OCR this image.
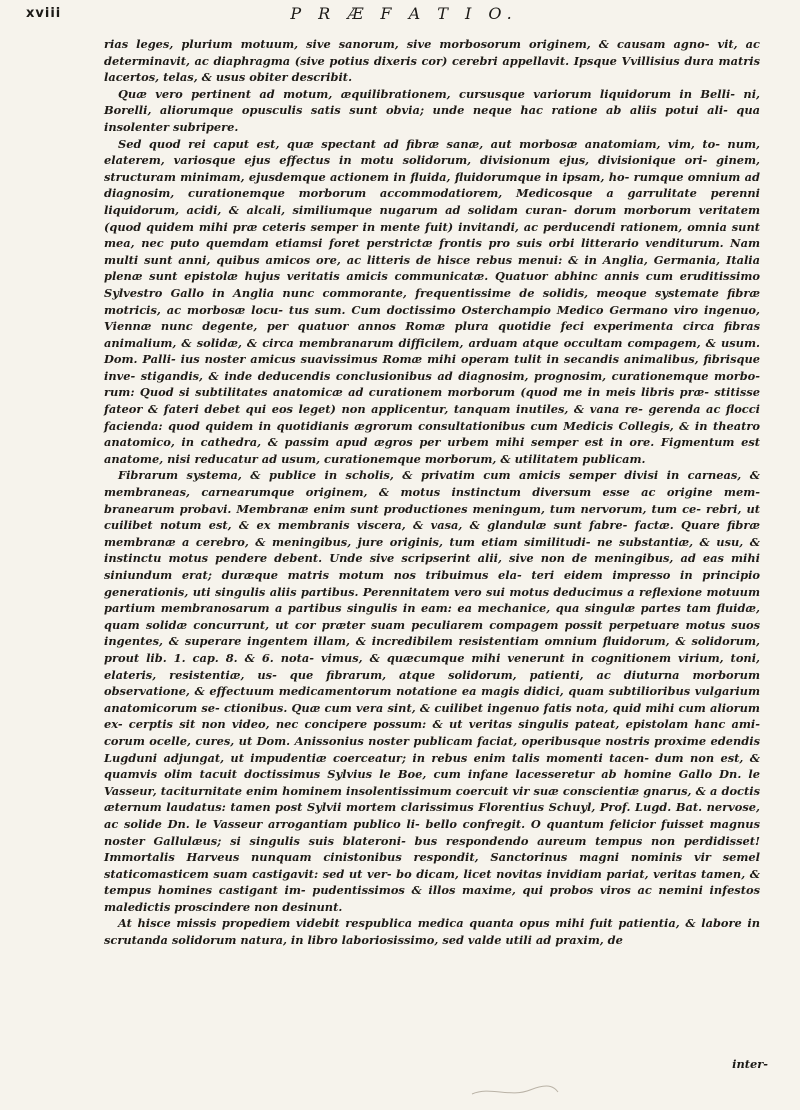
xviii	P R Æ F A T I O.

rias leges, plurium motuum, sive sanorum, sive morbosorum originem, & causam agno- vit, ac determinavit, ac diaphragma (sive potius dixeris cor) cerebri appellavit. Ipsque Vvillisius dura matris lacertos, telas, & usus obiter describit.

Quæ vero pertinent ad motum, æquilibrationem, cursusque variorum liquidorum in Belli- ni, Borelli, aliorumque opusculis satis sunt obvia; unde neque hac ratione ab aliis potui ali- qua insolenter subripere.

Sed quod rei caput est, quæ spectant ad fibræ sanæ, aut morbosæ anatomiam, vim, to- num, elaterem, variosque ejus effectus in motu solidorum, divisionum ejus, divisionique ori- ginem, structuram minimam, ejusdemque actionem in fluida, fluidorumque in ipsam, ho- rumque omnium ad diagnosim, curationemque morborum accommodatiorem, Medicosque a garrulitate perenni liquidorum, acidi, & alcali, similiumque nugarum ad solidam curan- dorum morborum veritatem (quod quidem mihi præ ceteris semper in mente fuit) invitandi, ac perducendi rationem, omnia sunt mea, nec puto quemdam etiamsi foret perstrictæ frontis pro suis orbi litterario venditurum. Nam multi sunt anni, quibus amicos ore, ac litteris de hisce rebus menui: & in Anglia, Germania, Italia plenæ sunt epistolæ hujus veritatis amicis communicatæ. Quatuor abhinc annis cum eruditissimo Sylvestro Gallo in Anglia nunc commorante, frequentissime de solidis, meoque systemate fibræ motricis, ac morbosæ locu- tus sum. Cum doctissimo Osterchampio Medico Germano viro ingenuo, Viennæ nunc degente, per quatuor annos Romæ plura quotidie feci experimenta circa fibras animalium, & solidæ, & circa membranarum difficilem, arduam atque occultam compagem, & usum. Dom. Palli- ius noster amicus suavissimus Romæ mihi operam tulit in secandis animalibus, fibrisque inve- stigandis, & inde deducendis conclusionibus ad diagnosim, prognosim, curationemque morbo- rum: Quod si subtilitates anatomicæ ad curationem morborum (quod me in meis libris præ- stitisse fateor & fateri debet qui eos leget) non applicentur, tanquam inutiles, & vana re- gerenda ac flocci facienda: quod quidem in quotidianis ægrorum consultationibus cum Medicis Collegis, & in theatro anatomico, in cathedra, & passim apud ægros per urbem mihi semper est in ore. Figmentum est anatome, nisi reducatur ad usum, curationemque morborum, & utilitatem publicam.

Fibrarum systema, & publice in scholis, & privatim cum amicis semper divisi in carneas, & membraneas, carnearumque originem, & motus instinctum diversum esse ac origine mem- branearum probavi. Membranæ enim sunt productiones meningum, tum nervorum, tum ce- rebri, ut cuilibet notum est, & ex membranis viscera, & vasa, & glandulæ sunt fabre- factæ. Quare fibræ membranæ a cerebro, & meningibus, jure originis, tum etiam similitudi- ne substantiæ, & usu, & instinctu motus pendere debent. Unde sive scripserint alii, sive non de meningibus, ad eas mihi siniundum erat; duræque matris motum nos tribuimus ela- teri eidem impresso in principio generationis, uti singulis aliis partibus. Perennitatem vero sui motus deducimus a reflexione motuum partium membranosarum a partibus singulis in eam: ea mechanice, qua singulæ partes tam fluidæ, quam solidæ concurrunt, ut cor præter suam peculiarem compagem possit perpetuare motus suos ingentes, & superare ingentem illam, & incredibilem resistentiam omnium fluidorum, & solidorum, prout lib. 1. cap. 8. & 6. nota- vimus, & quæcumque mihi venerunt in cognitionem virium, toni, elateris, resistentiæ, us- que fibrarum, atque solidorum, patienti, ac diuturna morborum observatione, & effectuum medicamentorum notatione ea magis didici, quam subtilioribus vulgarium anatomicorum se- ctionibus. Quæ cum vera sint, & cuilibet ingenuo fatis nota, quid mihi cum aliorum ex- cerptis sit non video, nec concipere possum: & ut veritas singulis pateat, epistolam hanc ami- corum ocelle, cures, ut Dom. Anissonius noster publicam faciat, operibusque nostris proxime edendis Lugduni adjungat, ut impudentiæ coerceatur; in rebus enim talis momenti tacen- dum non est, & quamvis olim tacuit doctissimus Sylvius le Boe, cum infane lacesseretur ab homine Gallo Dn. le Vasseur, taciturnitate enim hominem insolentissimum coercuit vir suæ conscientiæ gnarus, & a doctis æternum laudatus: tamen post Sylvii mortem clarissimus Florentius Schuyl, Prof. Lugd. Bat. nervose, ac solide Dn. le Vasseur arrogantiam publico li- bello confregit. O quantum felicior fuisset magnus noster Gallulæus; si singulis suis blateroni- bus respondendo aureum tempus non perdidisset! Immortalis Harveus nunquam cinistonibus respondit, Sanctorinus magni nominis vir semel staticomasticem suam castigavit: sed ut ver- bo dicam, licet novitas invidiam pariat, veritas tamen, & tempus homines castigant im- pudentissimos & illos maxime, qui probos viros ac nemini infestos maledictis proscindere non desinunt.

At hisce missis propediem videbit respublica medica quanta opus mihi fuit patientia, & labore in scrutanda solidorum natura, in libro laboriosissimo, sed valde utili ad praxim, de

inter-
